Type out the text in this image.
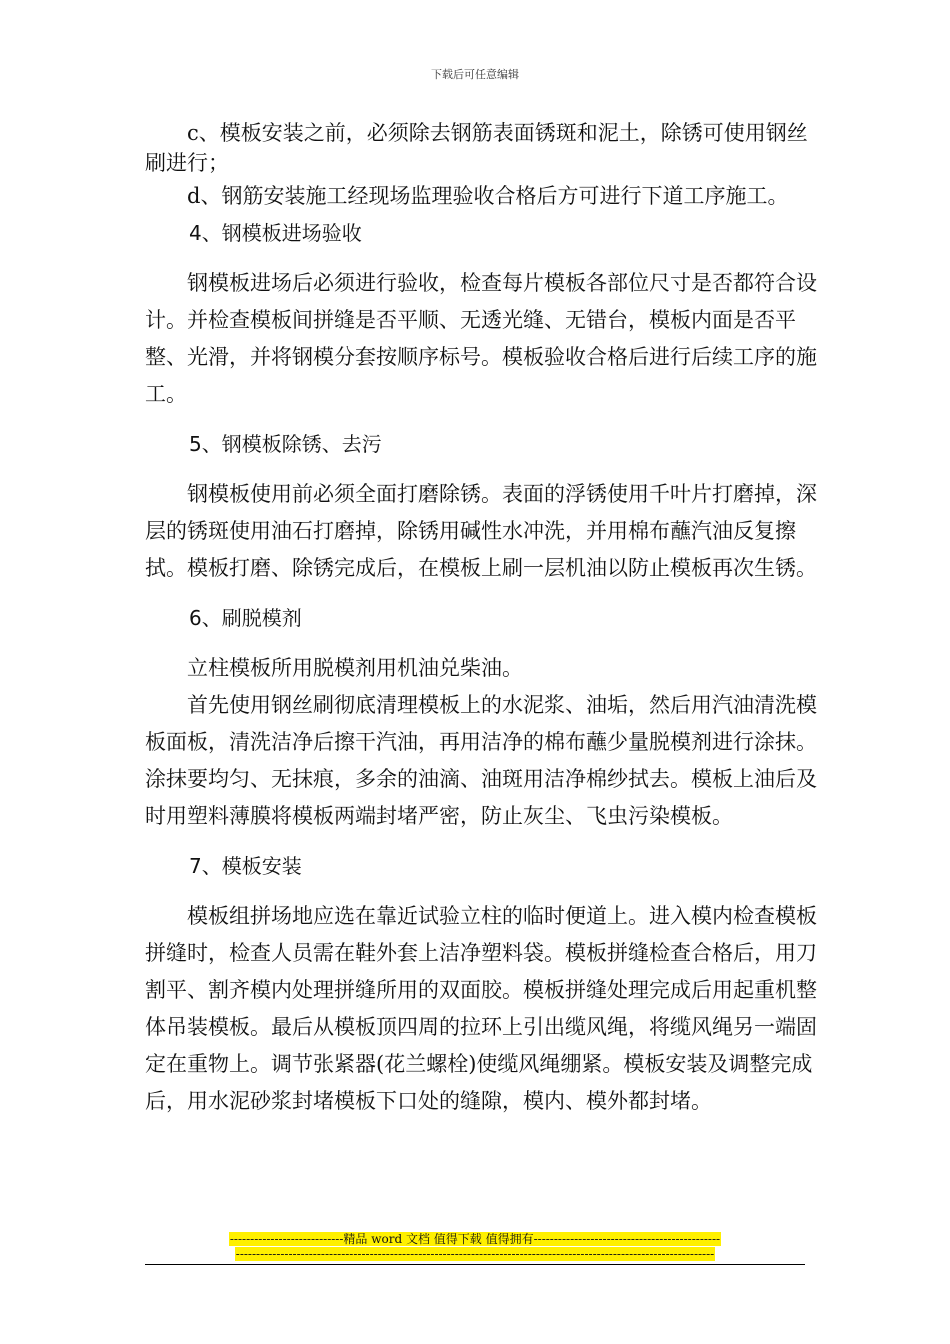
下载后可任意编辑

c、模板安装之前，必须除去钢筋表面锈斑和泥土，除锈可使用钢丝刷进行；

d、钢筋安装施工经现场监理验收合格后方可进行下道工序施工。

4、钢模板进场验收

钢模板进场后必须进行验收，检查每片模板各部位尺寸是否都符合设计。并检查模板间拼缝是否平顺、无透光缝、无错台，模板内面是否平整、光滑，并将钢模分套按顺序标号。模板验收合格后进行后续工序的施工。

5、钢模板除锈、去污

钢模板使用前必须全面打磨除锈。表面的浮锈使用千叶片打磨掉，深层的锈斑使用油石打磨掉，除锈用碱性水冲洗，并用棉布蘸汽油反复擦拭。模板打磨、除锈完成后，在模板上刷一层机油以防止模板再次生锈。

6、刷脱模剂

立柱模板所用脱模剂用机油兑柴油。

首先使用钢丝刷彻底清理模板上的水泥浆、油垢，然后用汽油清洗模板面板，清洗洁净后擦干汽油，再用洁净的棉布蘸少量脱模剂进行涂抹。涂抹要均匀、无抹痕，多余的油滴、油斑用洁净棉纱拭去。模板上油后及时用塑料薄膜将模板两端封堵严密，防止灰尘、飞虫污染模板。

7、模板安装

模板组拼场地应选在靠近试验立柱的临时便道上。进入模内检查模板拼缝时，检查人员需在鞋外套上洁净塑料袋。模板拼缝检查合格后，用刀割平、割齐模内处理拼缝所用的双面胶。模板拼缝处理完成后用起重机整体吊装模板。最后从模板顶四周的拉环上引出缆风绳，将缆风绳另一端固定在重物上。调节张紧器(花兰螺栓)使缆风绳绷紧。模板安装及调整完成后，用水泥砂浆封堵模板下口处的缝隙，模内、模外都封堵。

----------------------------精品 word 文档 值得下载 值得拥有----------------------------------------------
----------------------------------------------------------------------------------------------------------------------
